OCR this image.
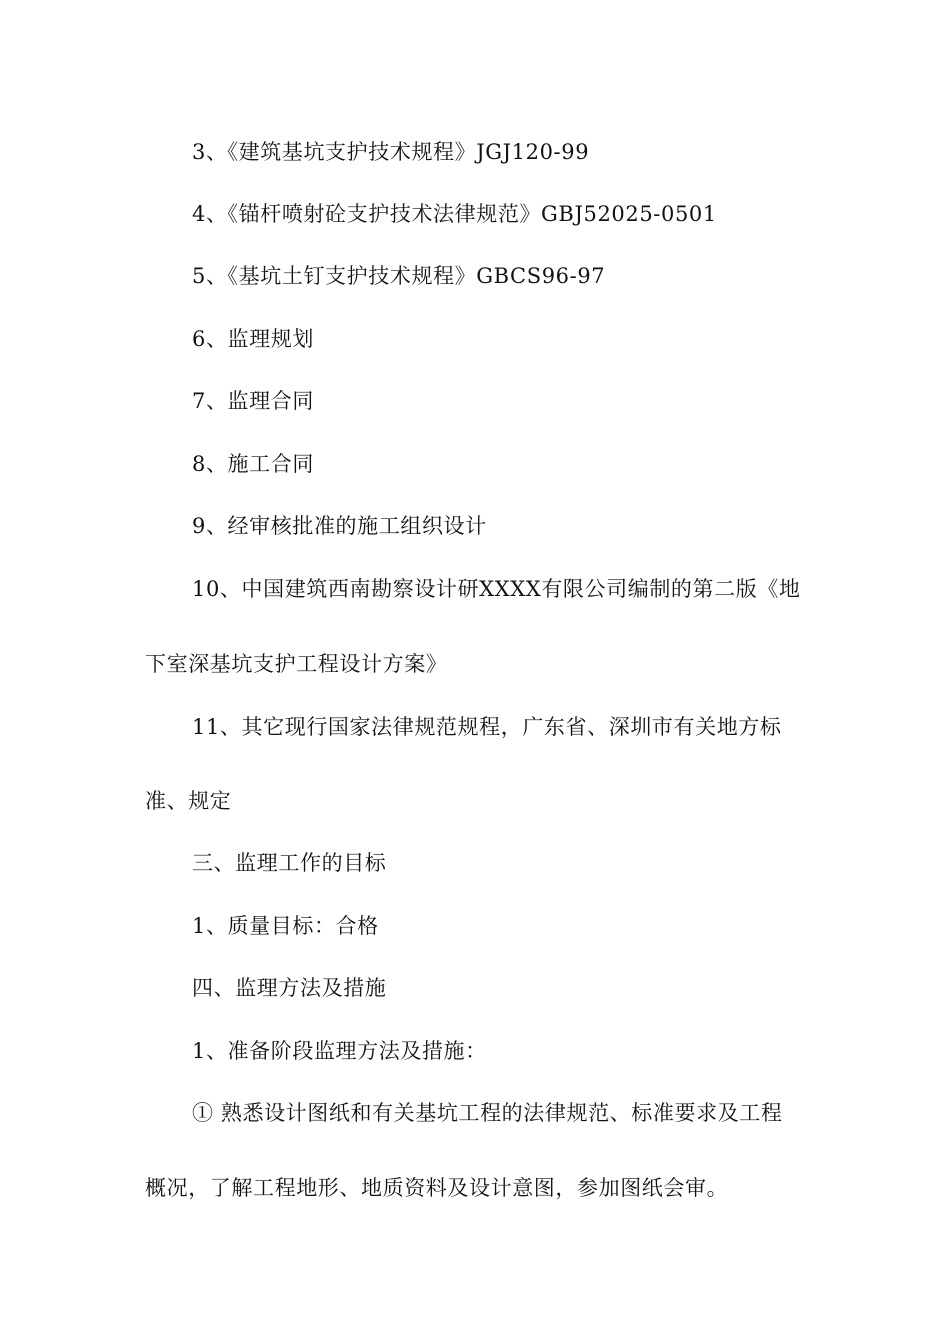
3、《建筑基坑支护技术规程》JGJ120-99
4、《锚杆喷射砼支护技术法律规范》GBJ52025-0501
5、《基坑土钉支护技术规程》GBCS96-97
6、监理规划
7、监理合同
8、施工合同
9、经审核批准的施工组织设计
10、中国建筑西南勘察设计研XXXX有限公司编制的第二版《地
下室深基坑支护工程设计方案》
11、其它现行国家法律规范规程，广东省、深圳市有关地方标
准、规定
三、监理工作的目标
1、质量目标：合格
四、监理方法及措施
1、准备阶段监理方法及措施：
① 熟悉设计图纸和有关基坑工程的法律规范、标准要求及工程
概况，了解工程地形、地质资料及设计意图，参加图纸会审。
